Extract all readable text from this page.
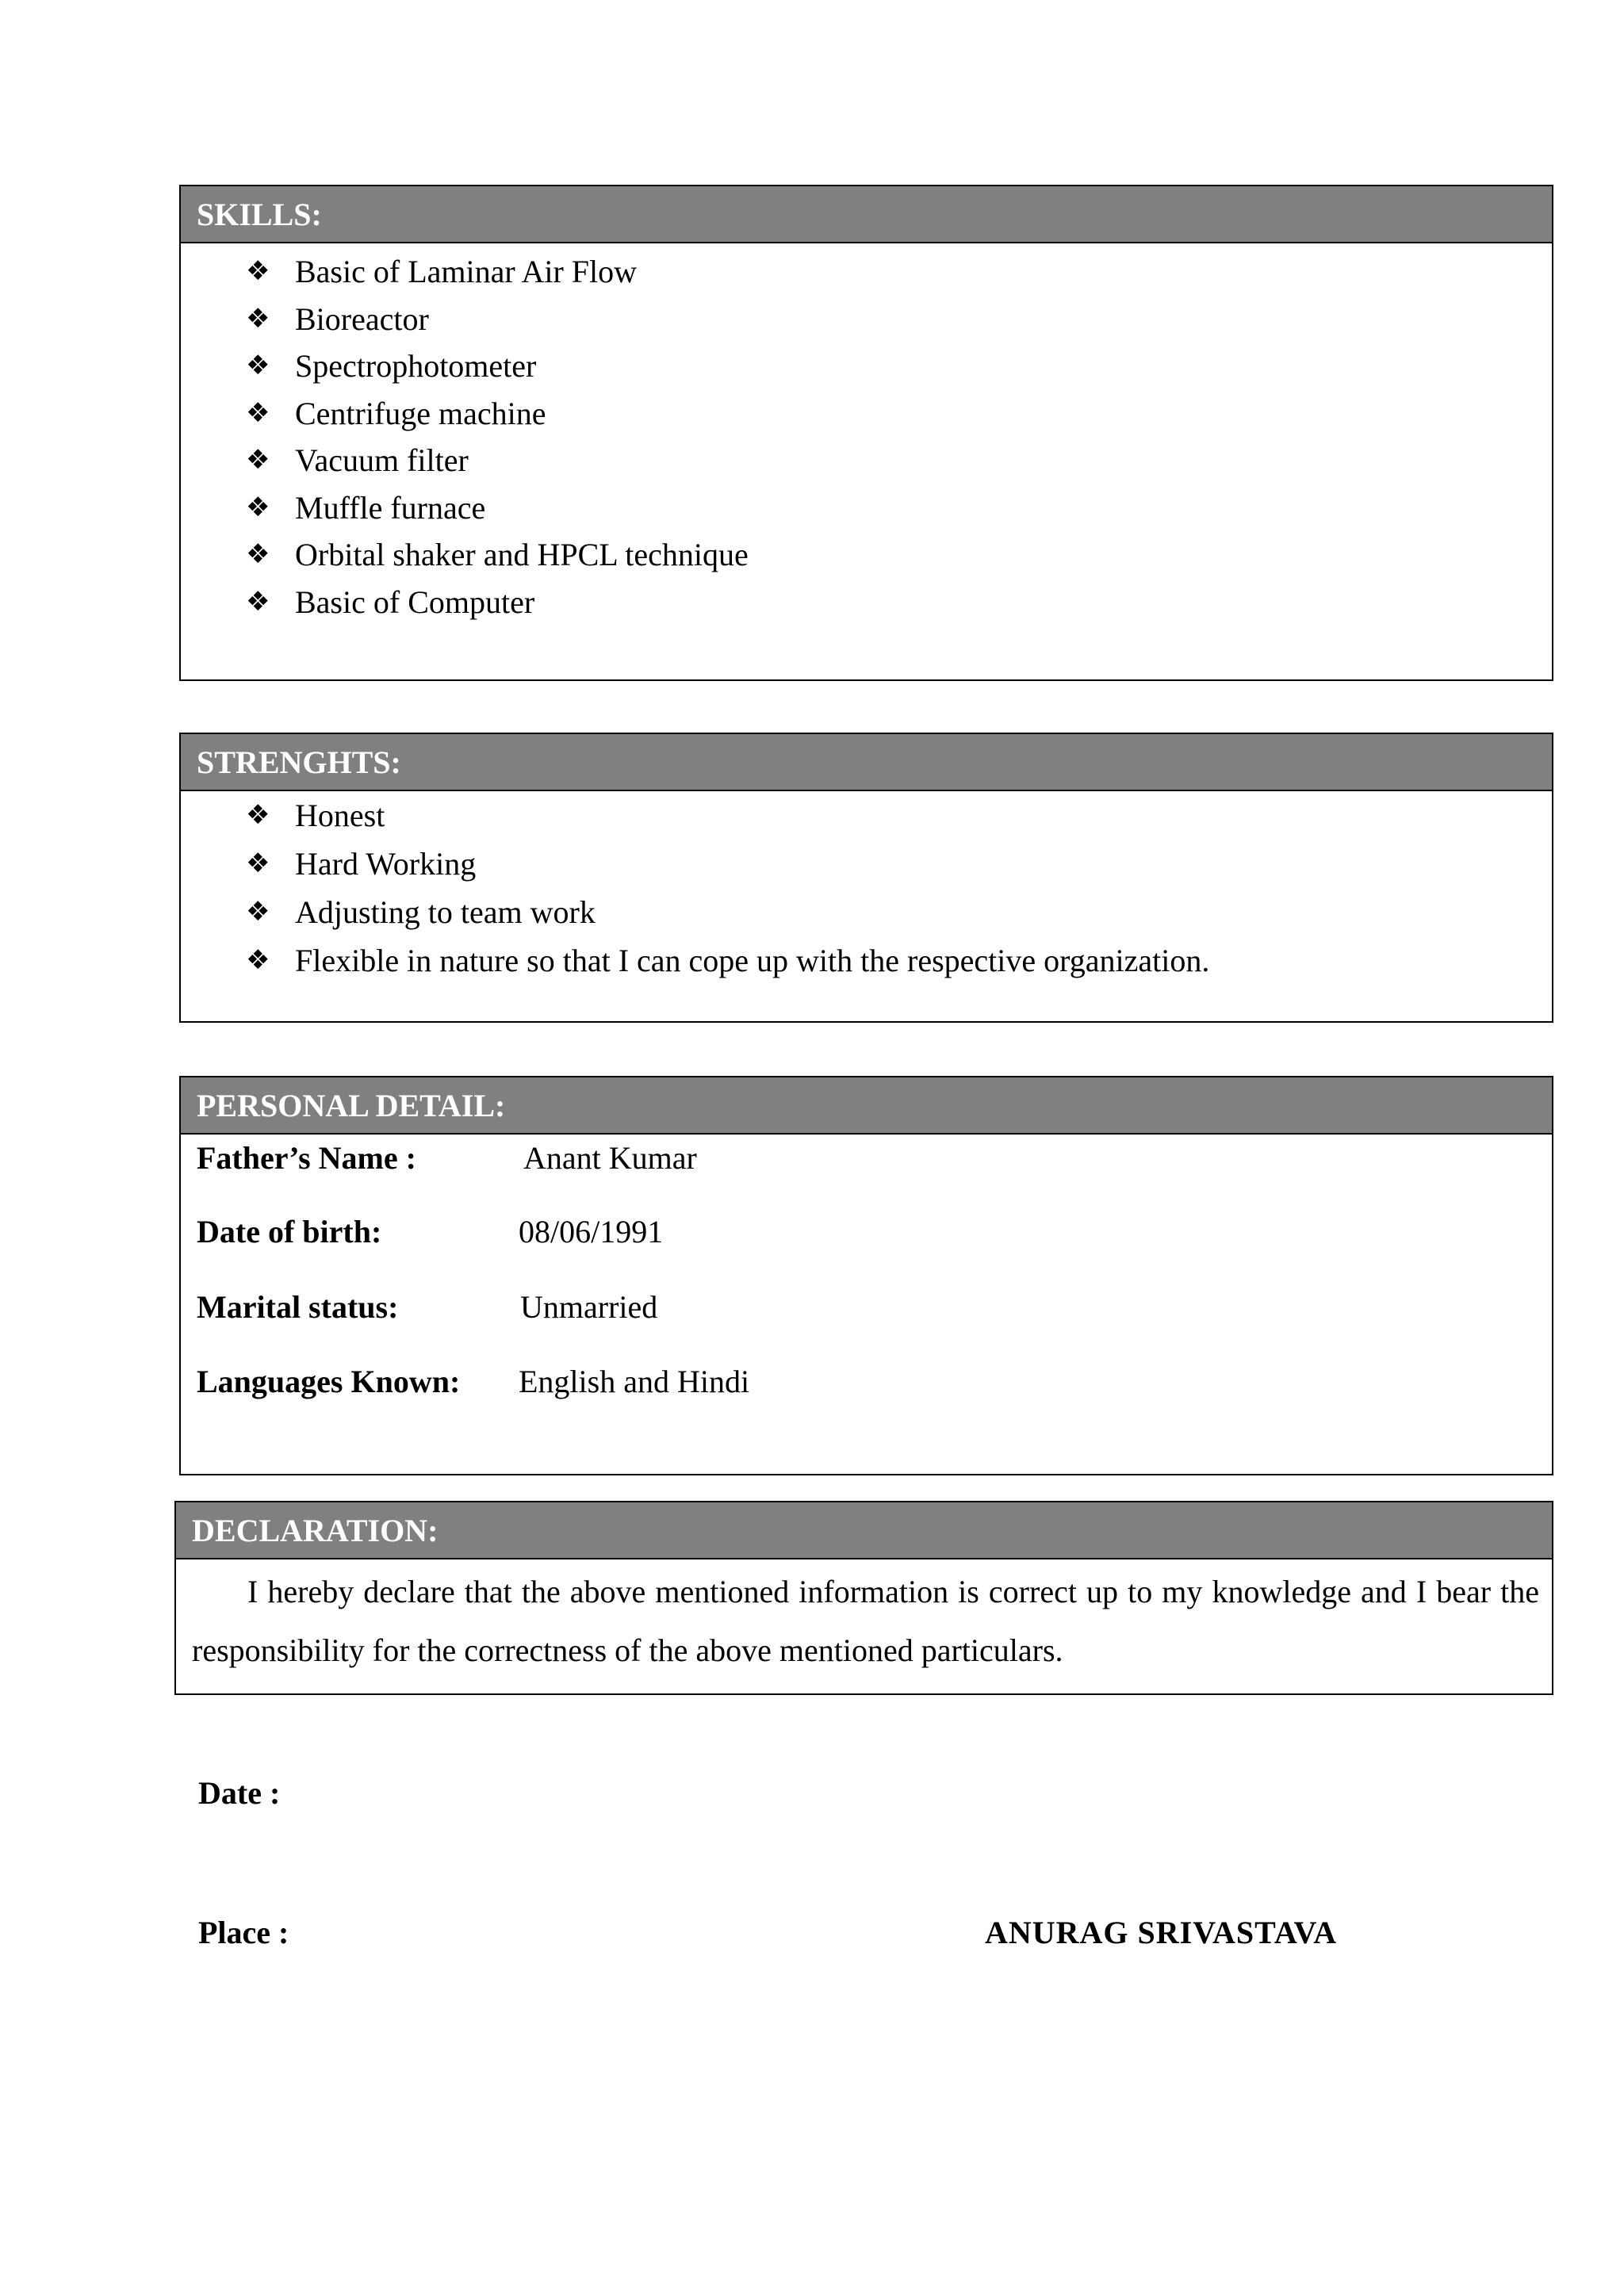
SKILLS:
❖ Basic of Laminar Air Flow
❖ Bioreactor
❖ Spectrophotometer
❖ Centrifuge machine
❖ Vacuum filter
❖ Muffle furnace
❖ Orbital shaker and HPCL technique
❖ Basic of Computer
STRENGHTS:
❖ Honest
❖ Hard Working
❖ Adjusting to team work
❖ Flexible in nature so that I can cope up with the respective organization.
PERSONAL DETAIL:
Father’s Name :	Anant Kumar
Date of birth:	08/06/1991
Marital status:	Unmarried
Languages Known: English and Hindi
DECLARATION:
I hereby declare that the above mentioned information is correct up to my knowledge and I bear the responsibility for the correctness of the above mentioned particulars.
Date :
Place :	ANURAG SRIVASTAVA
